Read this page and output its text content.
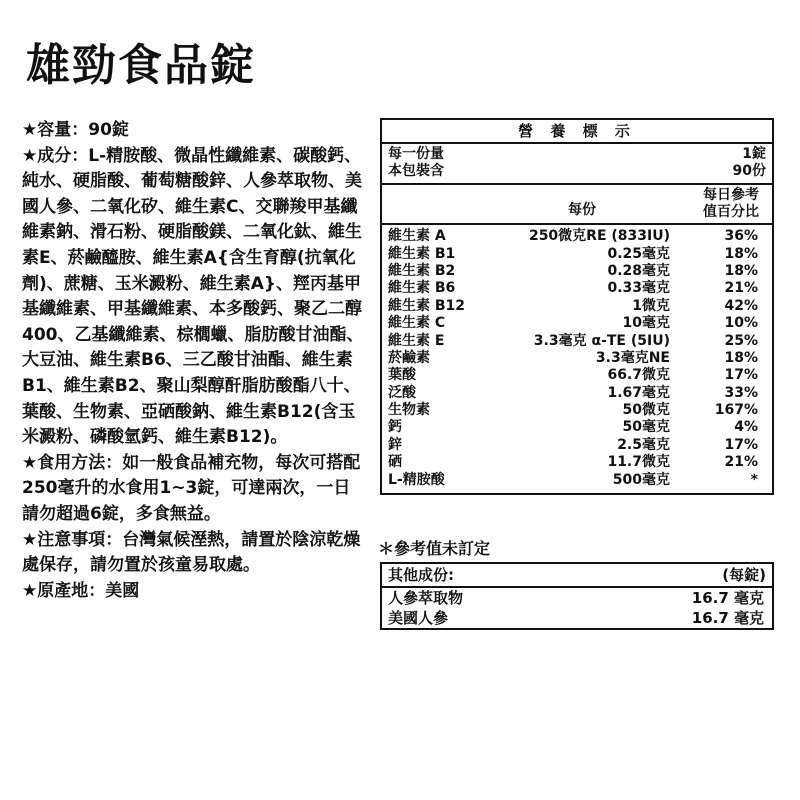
雄勁食品錠

★容量：90錠

★成分：L-精胺酸、微晶性纖維素、碳酸鈣、純水、硬脂酸、葡萄糖酸鋅、人參萃取物、美國人參、二氧化矽、維生素C、交聯羧甲基纖維素鈉、滑石粉、硬脂酸鎂、二氧化鈦、維生素E、菸鹼醯胺、維生素A{含生育醇(抗氧化劑)、蔗糖、玉米澱粉、維生素A}、羥丙基甲基纖維素、甲基纖維素、本多酸鈣、聚乙二醇400、乙基纖維素、棕櫚蠟、脂肪酸甘油酯、大豆油、維生素B6、三乙酸甘油酯、維生素B1、維生素B2、聚山梨醇酐脂肪酸酯八十、葉酸、生物素、亞硒酸鈉、維生素B12(含玉米澱粉、磷酸氫鈣、維生素B12)。

★食用方法：如一般食品補充物，每次可搭配250毫升的水食用1~3錠，可達兩次，一日請勿超過6錠，多食無益。

★注意事項：台灣氣候溼熱，請置於陰涼乾燥處保存，請勿置於孩童易取處。

★原產地：美國

營 養 標 示
每一份量	1錠
本包裝含	90份
每份
每日參考
值百分比
維生素 A	250微克RE (833IU)	36%
維生素 B1	0.25毫克	18%
維生素 B2	0.28毫克	18%
維生素 B6	0.33毫克	21%
維生素 B12	1微克	42%
維生素 C	10毫克	10%
維生素 E	3.3毫克 α-TE (5IU)	25%
菸鹼素	3.3毫克NE	18%
葉酸	66.7微克	17%
泛酸	1.67毫克	33%
生物素	50微克	167%
鈣	50毫克	4%
鋅	2.5毫克	17%
硒	11.7微克	21%
L-精胺酸	500毫克	*
＊參考值未訂定
其他成份:	(每錠)
人參萃取物	16.7 毫克
美國人參	16.7 毫克
